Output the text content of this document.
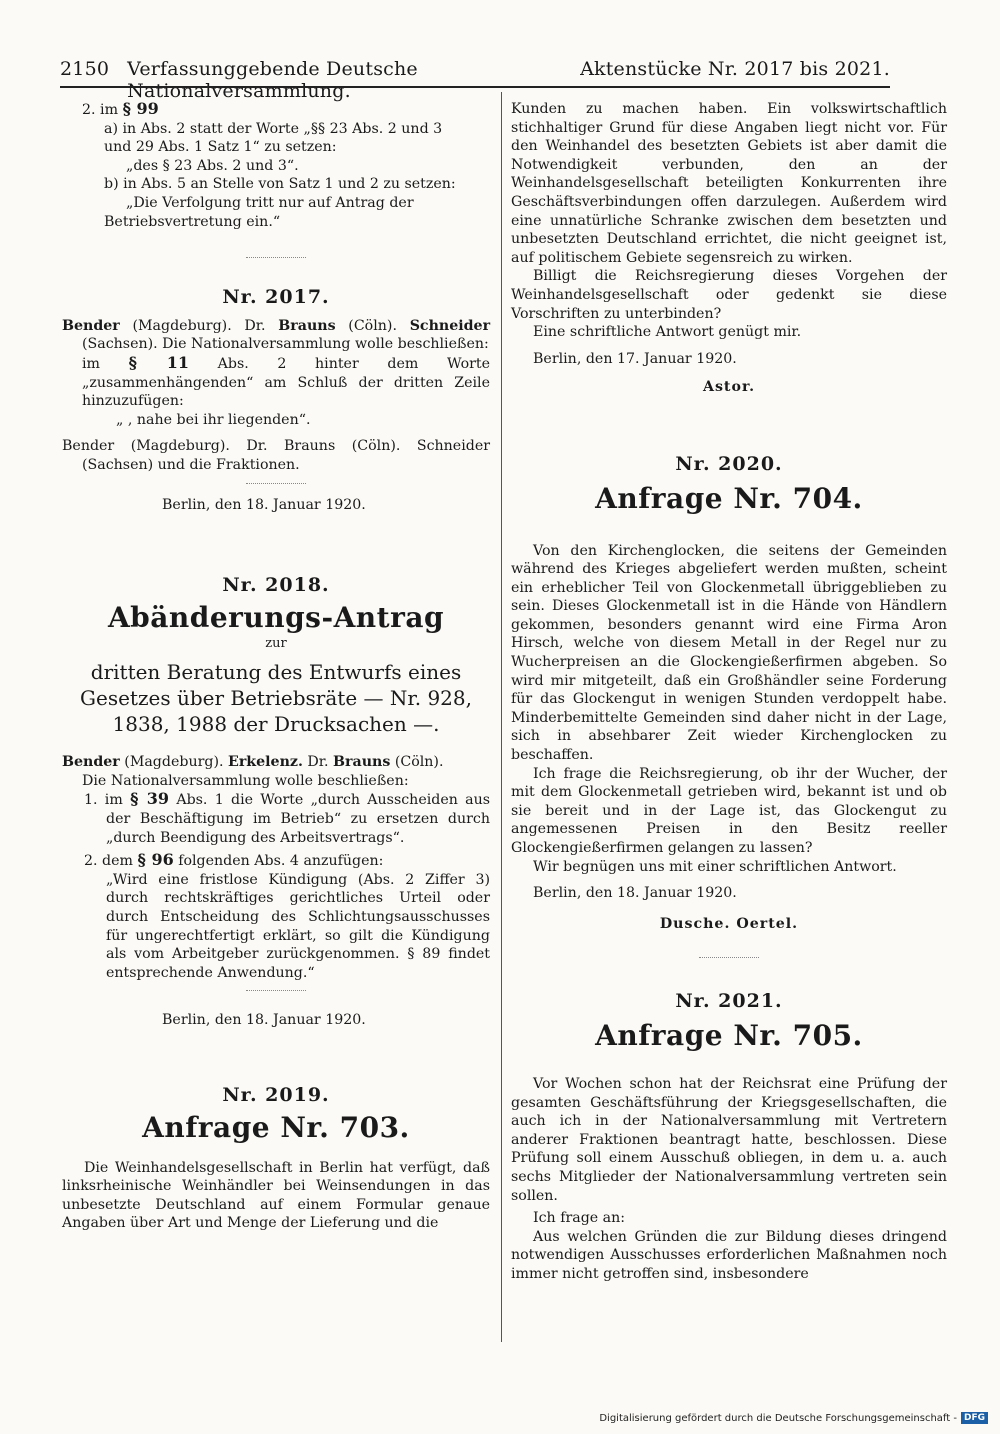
2150 Verfassunggebende Deutsche Nationalversammlung.
Aktenstücke Nr. 2017 bis 2021.

2. im § 99

a) in Abs. 2 statt der Worte „§§ 23 Abs. 2 und 3

und 29 Abs. 1 Satz 1“ zu setzen:

„des § 23 Abs. 2 und 3“.

b) in Abs. 5 an Stelle von Satz 1 und 2 zu setzen:

„Die Verfolgung tritt nur auf Antrag der

Betriebsvertretung ein.“

Nr. 2017.

Bender (Magdeburg). Dr. Brauns (Cöln). Schneider (Sachsen). Die Nationalversammlung wolle beschließen:

im § 11 Abs. 2 hinter dem Worte „zusammenhängenden“ am Schluß der dritten Zeile hinzuzufügen:

„ , nahe bei ihr liegenden“.

Bender (Magdeburg). Dr. Brauns (Cöln). Schneider (Sachsen) und die Fraktionen.

Berlin, den 18. Januar 1920.

Nr. 2018.

Abänderungs-Antrag

zur

dritten Beratung des Entwurfs eines Gesetzes über Betriebsräte — Nr. 928, 1838, 1988 der Drucksachen —.

Bender (Magdeburg). Erkelenz. Dr. Brauns (Cöln).

Die Nationalversammlung wolle beschließen:

1. im § 39 Abs. 1 die Worte „durch Ausscheiden aus der Beschäftigung im Betrieb“ zu ersetzen durch „durch Beendigung des Arbeitsvertrags“.

2. dem § 96 folgenden Abs. 4 anzufügen:

„Wird eine fristlose Kündigung (Abs. 2 Ziffer 3) durch rechtskräftiges gerichtliches Urteil oder durch Entscheidung des Schlichtungsausschusses für ungerechtfertigt erklärt, so gilt die Kündigung als vom Arbeitgeber zurückgenommen. § 89 findet entsprechende Anwendung.“

Berlin, den 18. Januar 1920.

Nr. 2019.

Anfrage Nr. 703.

Die Weinhandelsgesellschaft in Berlin hat verfügt, daß linksrheinische Weinhändler bei Weinsendungen in das unbesetzte Deutschland auf einem Formular genaue Angaben über Art und Menge der Lieferung und die

Kunden zu machen haben. Ein volkswirtschaftlich stichhaltiger Grund für diese Angaben liegt nicht vor. Für den Weinhandel des besetzten Gebiets ist aber damit die Notwendigkeit verbunden, den an der Weinhandelsgesellschaft beteiligten Konkurrenten ihre Geschäftsverbindungen offen darzulegen. Außerdem wird eine unnatürliche Schranke zwischen dem besetzten und unbesetzten Deutschland errichtet, die nicht geeignet ist, auf politischem Gebiete segensreich zu wirken.

Billigt die Reichsregierung dieses Vorgehen der Weinhandelsgesellschaft oder gedenkt sie diese Vorschriften zu unterbinden?

Eine schriftliche Antwort genügt mir.

Berlin, den 17. Januar 1920.

Astor.

Nr. 2020.

Anfrage Nr. 704.

Von den Kirchenglocken, die seitens der Gemeinden während des Krieges abgeliefert werden mußten, scheint ein erheblicher Teil von Glockenmetall übriggeblieben zu sein. Dieses Glockenmetall ist in die Hände von Händlern gekommen, besonders genannt wird eine Firma Aron Hirsch, welche von diesem Metall in der Regel nur zu Wucherpreisen an die Glockengießerfirmen abgeben. So wird mir mitgeteilt, daß ein Großhändler seine Forderung für das Glockengut in wenigen Stunden verdoppelt habe. Minderbemittelte Gemeinden sind daher nicht in der Lage, sich in absehbarer Zeit wieder Kirchenglocken zu beschaffen.

Ich frage die Reichsregierung, ob ihr der Wucher, der mit dem Glockenmetall getrieben wird, bekannt ist und ob sie bereit und in der Lage ist, das Glockengut zu angemessenen Preisen in den Besitz reeller Glockengießerfirmen gelangen zu lassen?

Wir begnügen uns mit einer schriftlichen Antwort.

Berlin, den 18. Januar 1920.

Dusche. Oertel.

Nr. 2021.

Anfrage Nr. 705.

Vor Wochen schon hat der Reichsrat eine Prüfung der gesamten Geschäftsführung der Kriegsgesellschaften, die auch ich in der Nationalversammlung mit Vertretern anderer Fraktionen beantragt hatte, beschlossen. Diese Prüfung soll einem Ausschuß obliegen, in dem u. a. auch sechs Mitglieder der Nationalversammlung vertreten sein sollen.

Ich frage an:

Aus welchen Gründen die zur Bildung dieses dringend notwendigen Ausschusses erforderlichen Maßnahmen noch immer nicht getroffen sind, insbesondere

Digitalisierung gefördert durch die Deutsche Forschungsgemeinschaft - DFG
